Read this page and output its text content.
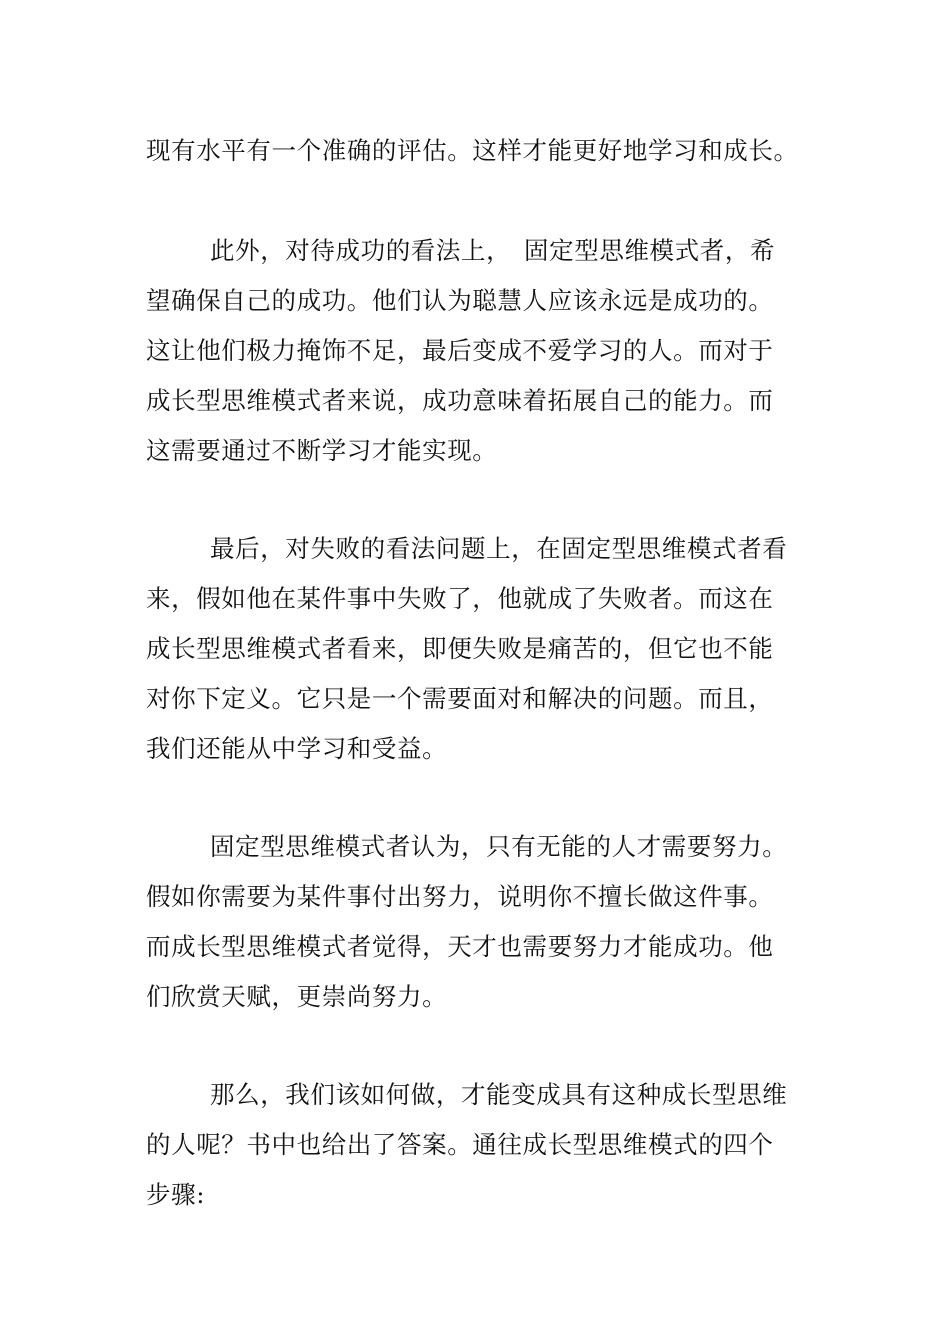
现有水平有一个准确的评估。这样才能更好地学习和成长。

此外，对待成功的看法上，　固定型思维模式者，希
望确保自己的成功。他们认为聪慧人应该永远是成功的。
这让他们极力掩饰不足，最后变成不爱学习的人。而对于
成长型思维模式者来说，成功意味着拓展自己的能力。而
这需要通过不断学习才能实现。

最后，对失败的看法问题上，在固定型思维模式者看
来，假如他在某件事中失败了，他就成了失败者。而这在
成长型思维模式者看来，即便失败是痛苦的，但它也不能
对你下定义。它只是一个需要面对和解决的问题。而且，
我们还能从中学习和受益。

固定型思维模式者认为，只有无能的人才需要努力。
假如你需要为某件事付出努力，说明你不擅长做这件事。
而成长型思维模式者觉得，天才也需要努力才能成功。他
们欣赏天赋，更崇尚努力。

那么，我们该如何做，才能变成具有这种成长型思维
的人呢？书中也给出了答案。通往成长型思维模式的四个
步骤:
